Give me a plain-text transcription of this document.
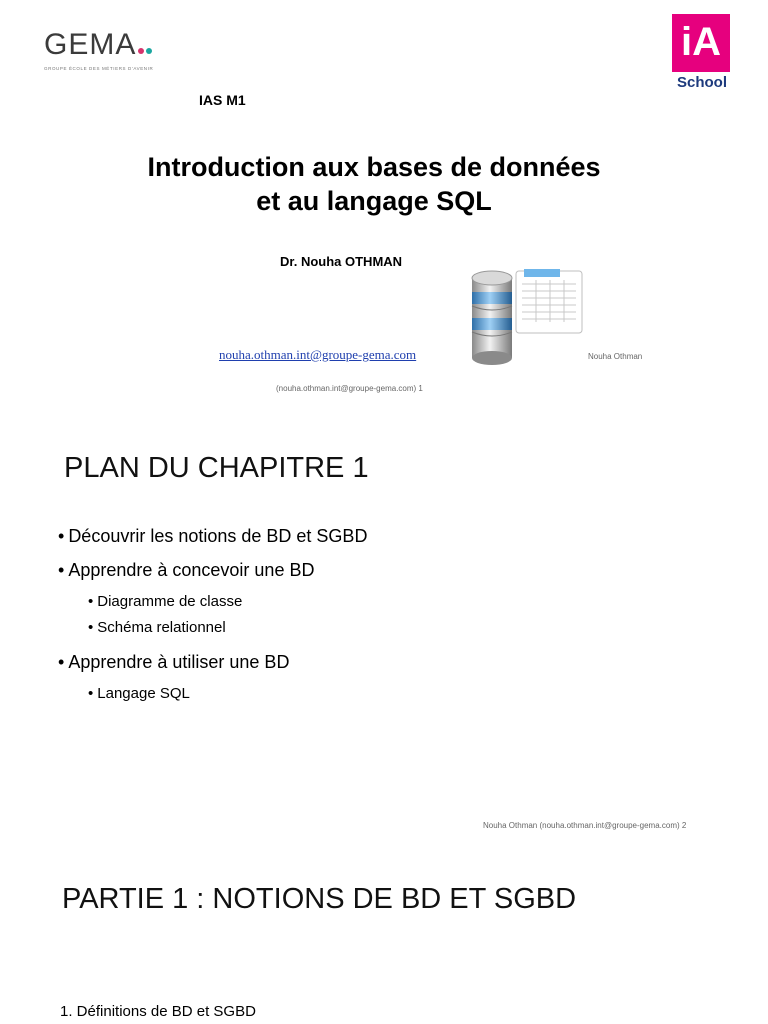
GEMA
GROUPE ÉCOLE DES MÉTIERS D'AVENIR
iA
School
IAS M1
Introduction aux bases de données
et au langage SQL
Dr. Nouha OTHMAN
nouha.othman.int@groupe-gema.com	Nouha Othman
(nouha.othman.int@groupe-gema.com) 1
PLAN DU CHAPITRE 1
• Découvrir les notions de BD et SGBD
• Apprendre à concevoir une BD
• Diagramme de classe
• Schéma relationnel
• Apprendre à utiliser une BD
• Langage SQL
Nouha Othman (nouha.othman.int@groupe-gema.com) 2
PARTIE 1 : NOTIONS DE BD ET SGBD
1. Définitions de BD et SGBD
